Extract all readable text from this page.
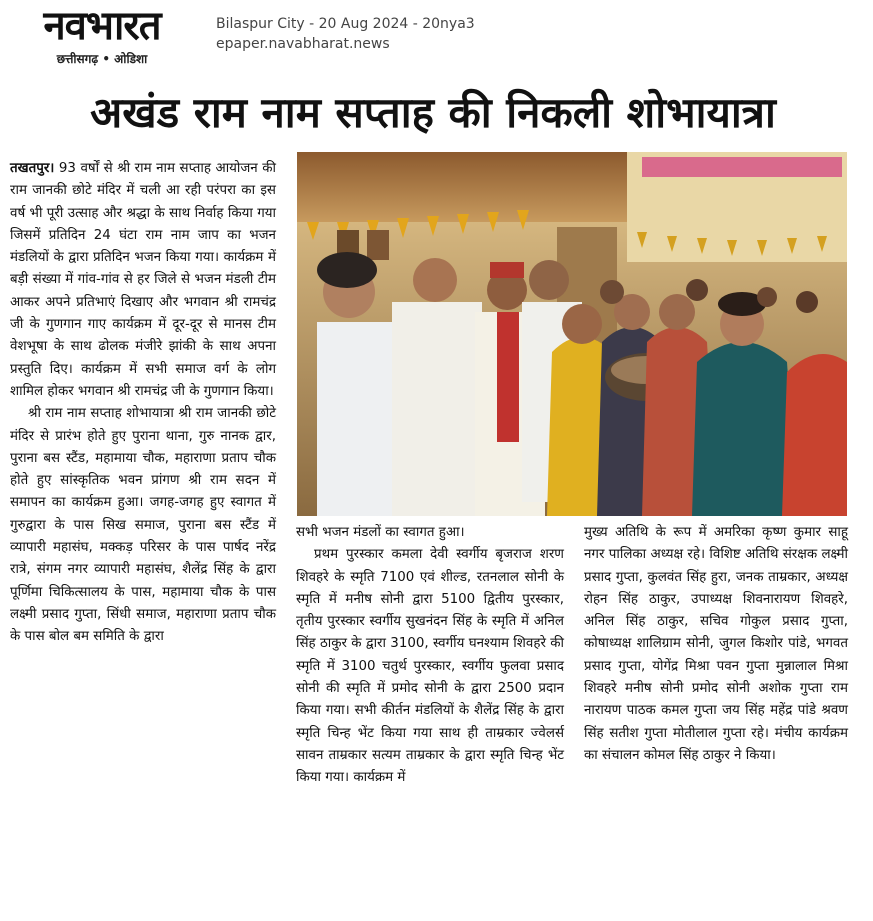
नवभारत
छत्तीसगढ़ • ओडिशा
Bilaspur City - 20 Aug 2024 - 20nya3
epaper.navabharat.news
अखंड राम नाम सप्ताह की निकली शोभायात्रा

तखतपुर। 93 वर्षों से श्री राम नाम सप्ताह आयोजन की राम जानकी छोटे मंदिर में चली आ रही परंपरा का इस वर्ष भी पूरी उत्साह और श्रद्धा के साथ निर्वाह किया गया जिसमें प्रतिदिन 24 घंटा राम नाम जाप का भजन मंडलियों के द्वारा प्रतिदिन भजन किया गया। कार्यक्रम में बड़ी संख्या में गांव-गांव से हर जिले से भजन मंडली टीम आकर अपने प्रतिभाएं दिखाए और भगवान श्री रामचंद्र जी के गुणगान गाए कार्यक्रम में दूर-दूर से मानस टीम वेशभूषा के साथ ढोलक मंजीरे झांकी के साथ अपना प्रस्तुति दिए। कार्यक्रम में सभी समाज वर्ग के लोग शामिल होकर भगवान श्री रामचंद्र जी के गुणगान किया।

श्री राम नाम सप्ताह शोभायात्रा श्री राम जानकी छोटे मंदिर से प्रारंभ होते हुए पुराना थाना, गुरु नानक द्वार, पुराना बस स्टैंड, महामाया चौक, महाराणा प्रताप चौक होते हुए सांस्कृतिक भवन प्रांगण श्री राम सदन में समापन का कार्यक्रम हुआ। जगह-जगह हुए स्वागत में गुरुद्वारा के पास सिख समाज, पुराना बस स्टैंड में व्यापारी महासंघ, मक्कड़ परिसर के पास पार्षद नरेंद्र रात्रे, संगम नगर व्यापारी महासंघ, शैलेंद्र सिंह के द्वारा पूर्णिमा चिकित्सालय के पास, महामाया चौक के पास लक्ष्मी प्रसाद गुप्ता, सिंधी समाज, महाराणा प्रताप चौक के पास बोल बम समिति के द्वारा

सभी भजन मंडलों का स्वागत हुआ।

प्रथम पुरस्कार कमला देवी स्वर्गीय बृजराज शरण शिवहरे के स्मृति 7100 एवं शील्ड, रतनलाल सोनी के स्मृति में मनीष सोनी द्वारा 5100 द्वितीय पुरस्कार, तृतीय पुरस्कार स्वर्गीय सुखनंदन सिंह के स्मृति में अनिल सिंह ठाकुर के द्वारा 3100, स्वर्गीय घनश्याम शिवहरे की स्मृति में 3100 चतुर्थ पुरस्कार, स्वर्गीय फुलवा प्रसाद सोनी की स्मृति में प्रमोद सोनी के द्वारा 2500 प्रदान किया गया। सभी कीर्तन मंडलियों के शैलेंद्र सिंह के द्वारा स्मृति चिन्ह भेंट किया गया साथ ही ताम्रकार ज्वेलर्स सावन ताम्रकार सत्यम ताम्रकार के द्वारा स्मृति चिन्ह भेंट किया गया। कार्यक्रम में

मुख्य अतिथि के रूप में अमरिका कृष्ण कुमार साहू नगर पालिका अध्यक्ष रहे। विशिष्ट अतिथि संरक्षक लक्ष्मी प्रसाद गुप्ता, कुलवंत सिंह हुरा, जनक ताम्रकार, अध्यक्ष रोहन सिंह ठाकुर, उपाध्यक्ष शिवनारायण शिवहरे, अनिल सिंह ठाकुर, सचिव गोकुल प्रसाद गुप्ता, कोषाध्यक्ष शालिग्राम सोनी, जुगल किशोर पांडे, भगवत प्रसाद गुप्ता, योगेंद्र मिश्रा पवन गुप्ता मुन्नालाल मिश्रा शिवहरे मनीष सोनी प्रमोद सोनी अशोक गुप्ता राम नारायण पाठक कमल गुप्ता जय सिंह महेंद्र पांडे श्रवण सिंह सतीश गुप्ता मोतीलाल गुप्ता रहे। मंचीय कार्यक्रम का संचालन कोमल सिंह ठाकुर ने किया।
